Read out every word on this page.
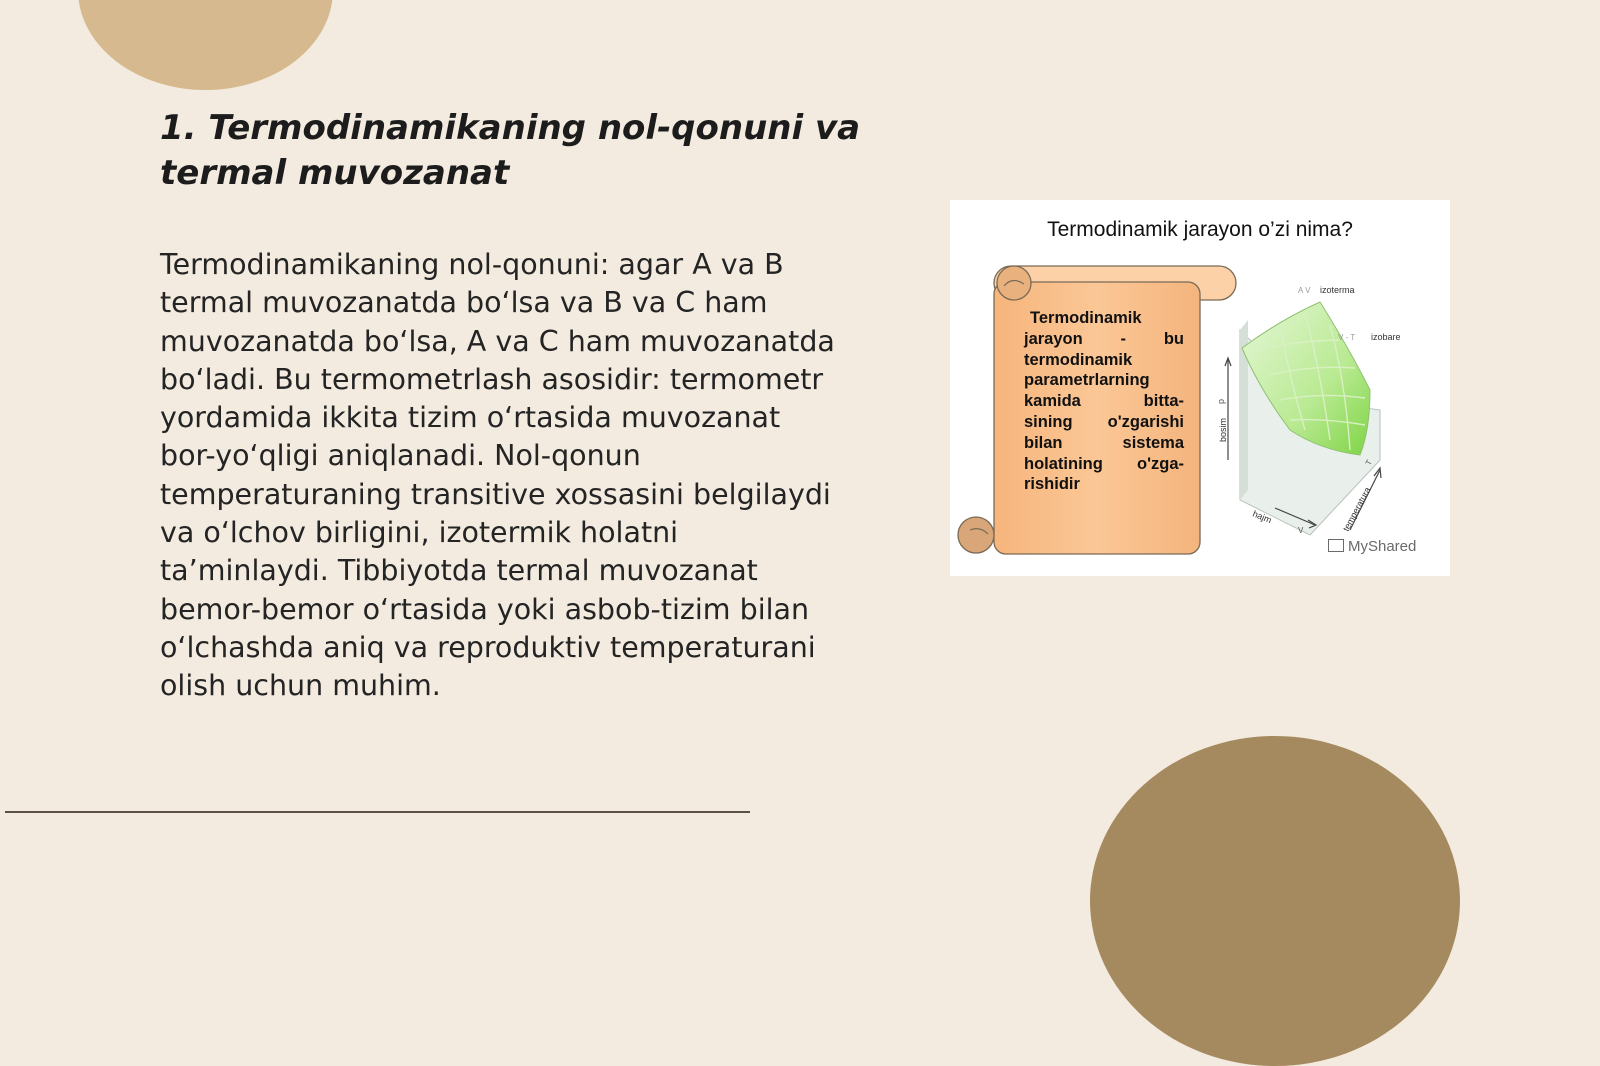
1. Termodinamikaning nol-qonuni va termal muvozanat

Termodinamikaning nol-qonuni: agar A va B termal muvozanatda bo‘lsa va B va C ham muvozanatda bo‘lsa, A va C ham muvozanatda bo‘ladi. Bu termometrlash asosidir: termometr yordamida ikkita tizim o‘rtasida muvozanat bor-yo‘qligi aniqlanadi. Nol-qonun temperaturaning transitive xossasini belgilaydi va o‘lchov birligini, izotermik holatni ta’minlaydi. Tibbiyotda termal muvozanat bemor-bemor o‘rtasida yoki asbob-tizim bilan o‘lchashda aniq va reproduktiv temperaturani olish uchun muhim.

Termodinamik jarayon o’zi nima?
Termodinamik
jarayon - bu
termodinamik
parametrlarning
kamida bitta-
sining o'zgarishi
bilan sistema
holatining o'zga-
rishidir
A V izoterma
V - T izobare
p
bosim
hajm
V	temperatura
T
MyShared
